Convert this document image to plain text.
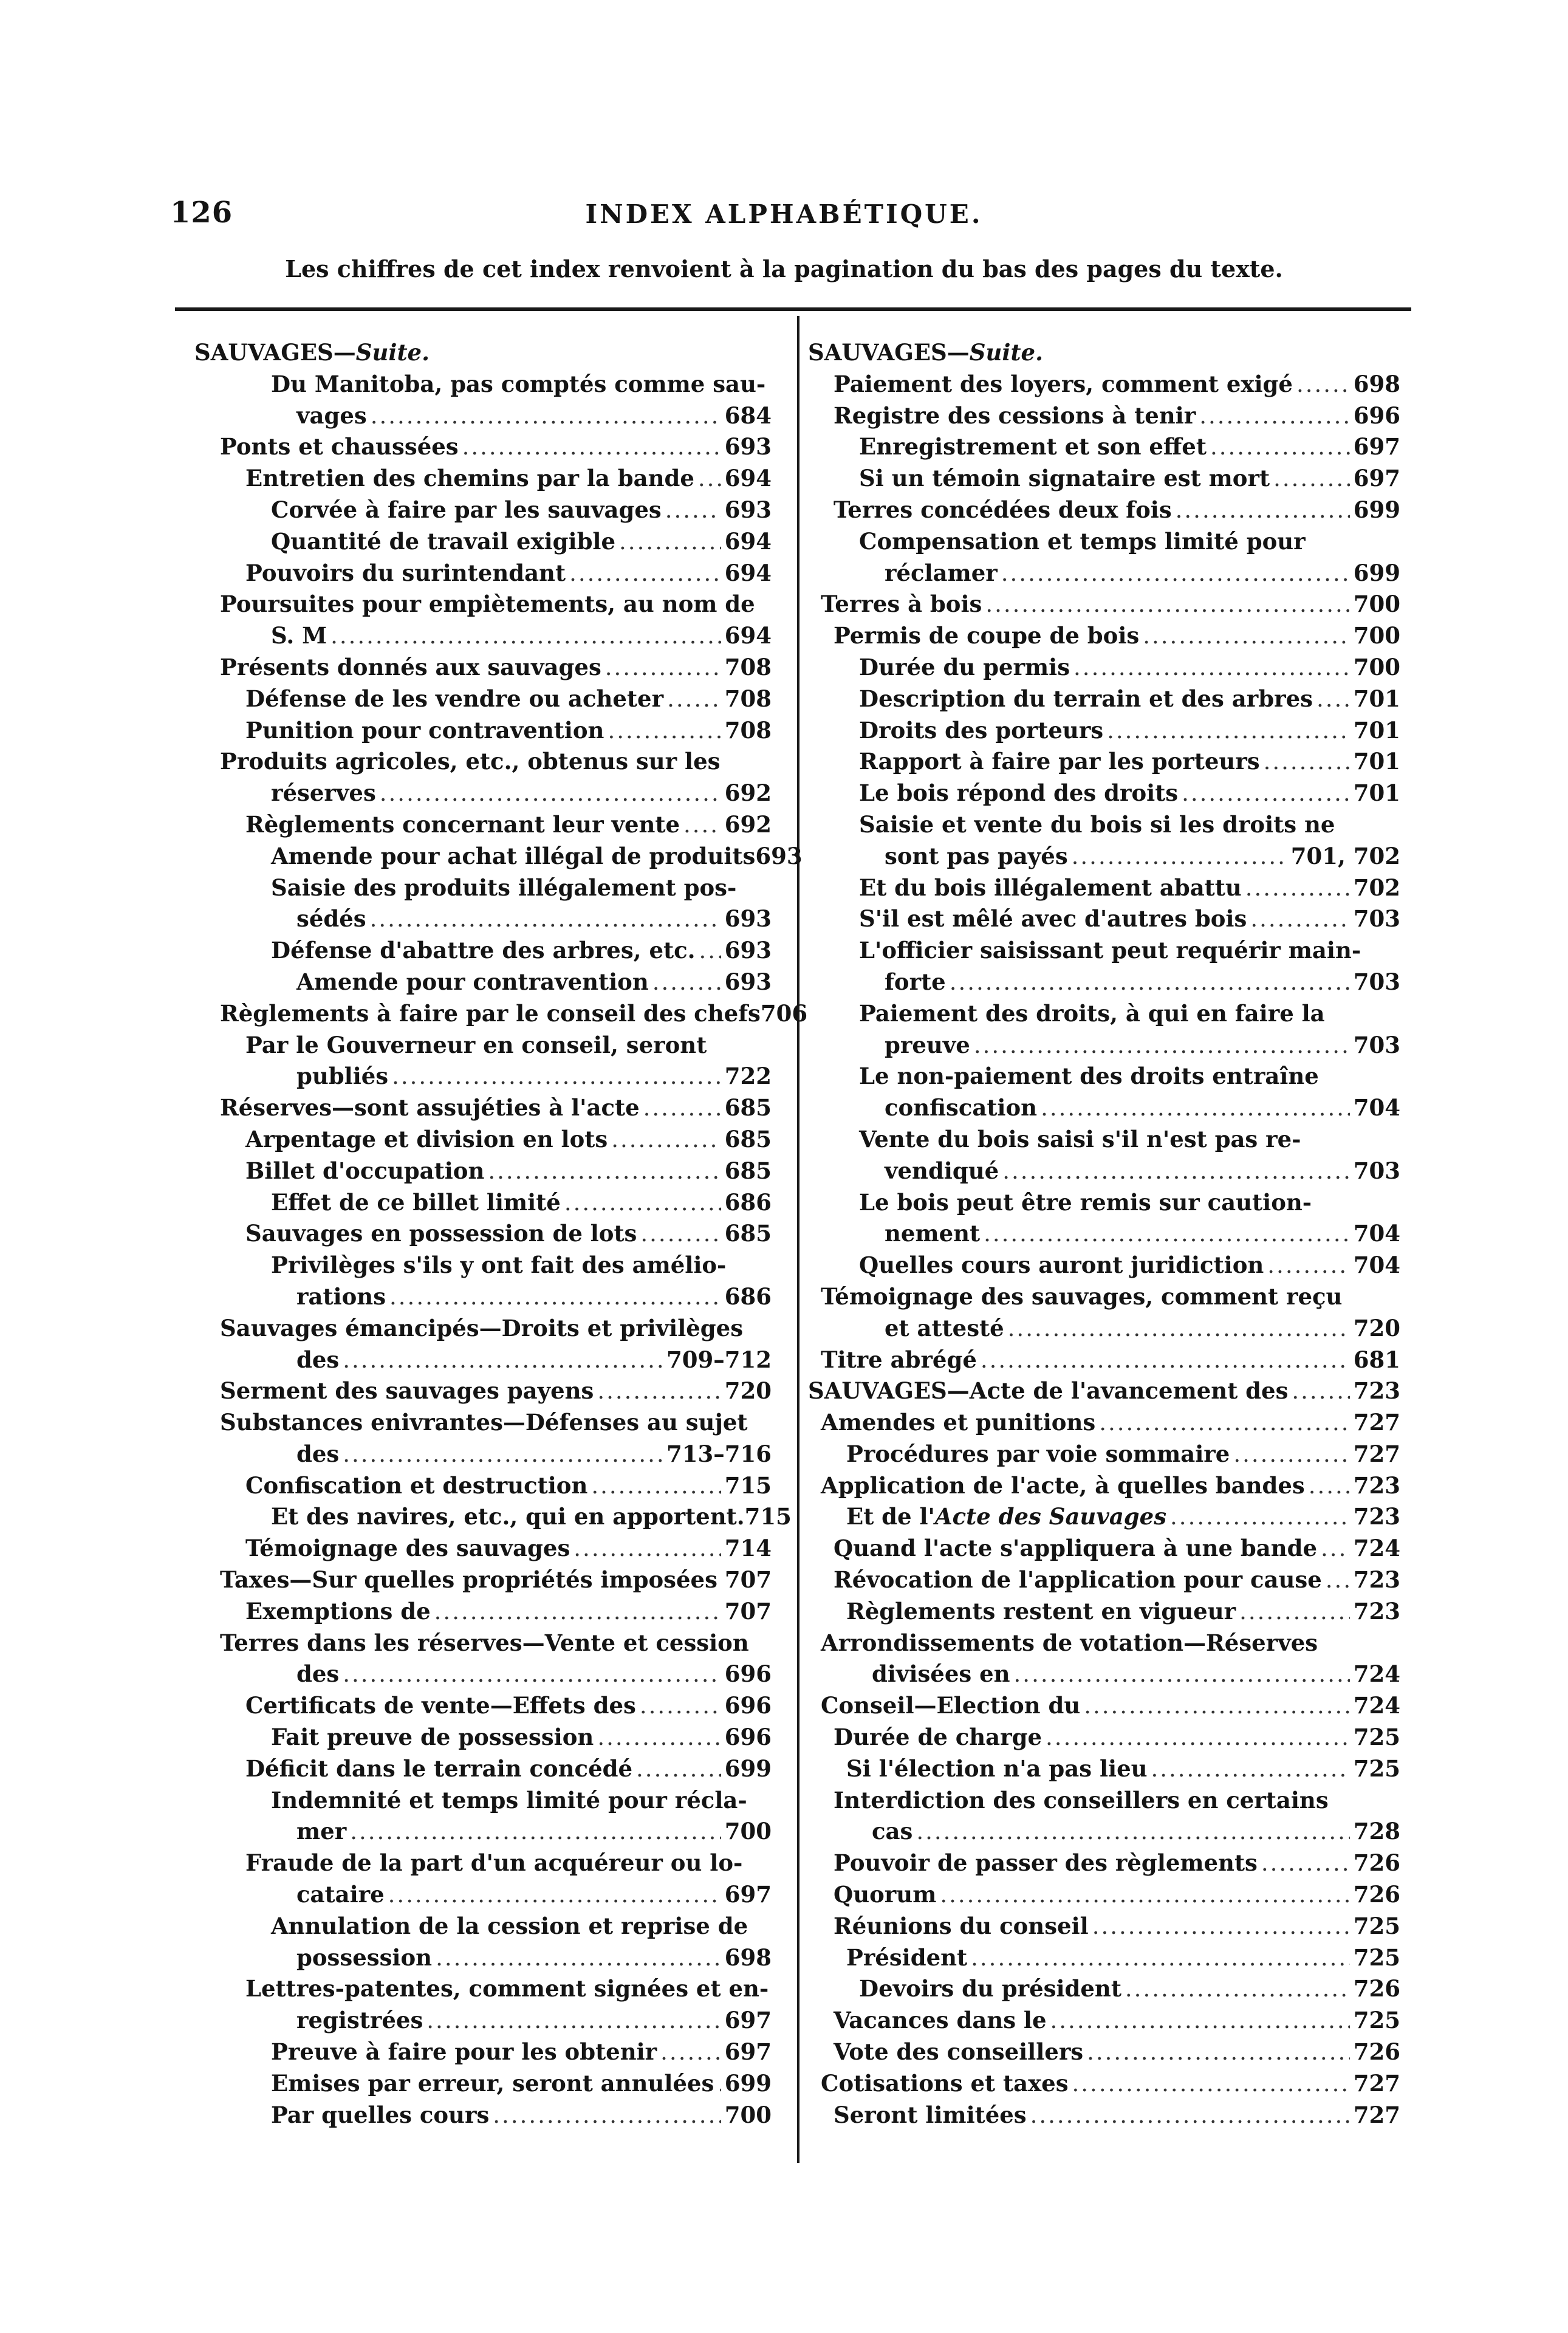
126	INDEX ALPHABÉTIQUE.
Les chiffres de cet index renvoient à la pagination du bas des pages du texte.
SAUVAGES—Suite.
Du Manitoba, pas comptés comme sau-
vages .....	684
Ponts et chaussées .....	693
Entretien des chemins par la bande ..... 694
Corvée à faire par les sauvages .....	693
Quantité de travail exigible .....	694
Pouvoirs du surintendant .....	694
Poursuites pour empiètements, au nom de
S. M .....	694
Présents donnés aux sauvages .....	708
Défense de les vendre ou acheter .....	708
Punition pour contravention .....	708
Produits agricoles, etc., obtenus sur les
réserves .....	692
Règlements concernant leur vente ..... 692
Amende pour achat illégal de produits 693
Saisie des produits illégalement pos-
sédés .....	693
Défense d'abattre des arbres, etc. ..... 693
Amende pour contravention .....	693
Règlements à faire par le conseil des chefs 706
Par le Gouverneur en conseil, seront
publiés .....	722
Réserves—sont assujéties à l'acte .....	685
Arpentage et division en lots .....	685
Billet d'occupation .....	685
Effet de ce billet limité .....	686
Sauvages en possession de lots .....	685
Privilèges s'ils y ont fait des amélio-
rations .....	686
Sauvages émancipés—Droits et privilèges
des .....	709–712
Serment des sauvages payens .....	720
Substances enivrantes—Défenses au sujet
des .....	713–716
Confiscation et destruction .....	715
Et des navires, etc., qui en apportent. 715
Témoignage des sauvages .....	714
Taxes—Sur quelles propriétés imposées 707
Exemptions de .....	707
Terres dans les réserves—Vente et cession
des .....	696
Certificats de vente—Effets des .....	696
Fait preuve de possession .....	696
Déficit dans le terrain concédé .....	699
Indemnité et temps limité pour récla-
mer .....	700
Fraude de la part d'un acquéreur ou lo-
cataire .....	697
Annulation de la cession et reprise de
possession .....	698
Lettres-patentes, comment signées et en-
registrées .....	697
Preuve à faire pour les obtenir .....	697
Emises par erreur, seront annulées ..... 699
Par quelles cours .....	700
SAUVAGES—Suite.
Paiement des loyers, comment exigé .....	698
Registre des cessions à tenir .....	696
Enregistrement et son effet .....	697
Si un témoin signataire est mort .....	697
Terres concédées deux fois .....	699
Compensation et temps limité pour
réclamer .....	699
Terres à bois .....	700
Permis de coupe de bois .....	700
Durée du permis .....	700
Description du terrain et des arbres ..... 701
Droits des porteurs .....	701
Rapport à faire par les porteurs .....	701
Le bois répond des droits .....	701
Saisie et vente du bois si les droits ne
sont pas payés .....	701, 702
Et du bois illégalement abattu .....	702
S'il est mêlé avec d'autres bois .....	703
L'officier saisissant peut requérir main-
forte .....	703
Paiement des droits, à qui en faire la
preuve .....	703
Le non-paiement des droits entraîne
confiscation .....	704
Vente du bois saisi s'il n'est pas re-
vendiqué .....	703
Le bois peut être remis sur caution-
nement .....	704
Quelles cours auront juridiction .....	704
Témoignage des sauvages, comment reçu
et attesté .....	720
Titre abrégé .....	681
SAUVAGES—Acte de l'avancement des .....	723
Amendes et punitions .....	727
Procédures par voie sommaire .....	727
Application de l'acte, à quelles bandes ..... 723
Et de l'Acte des Sauvages .....	723
Quand l'acte s'appliquera à une bande ..... 724
Révocation de l'application pour cause ..... 723
Règlements restent en vigueur .....	723
Arrondissements de votation—Réserves
divisées en .....	724
Conseil—Election du .....	724
Durée de charge .....	725
Si l'élection n'a pas lieu .....	725
Interdiction des conseillers en certains
cas .....	728
Pouvoir de passer des règlements .....	726
Quorum .....	726
Réunions du conseil .....	725
Président .....	725
Devoirs du président .....	726
Vacances dans le .....	725
Vote des conseillers .....	726
Cotisations et taxes .....	727
Seront limitées .....	727
